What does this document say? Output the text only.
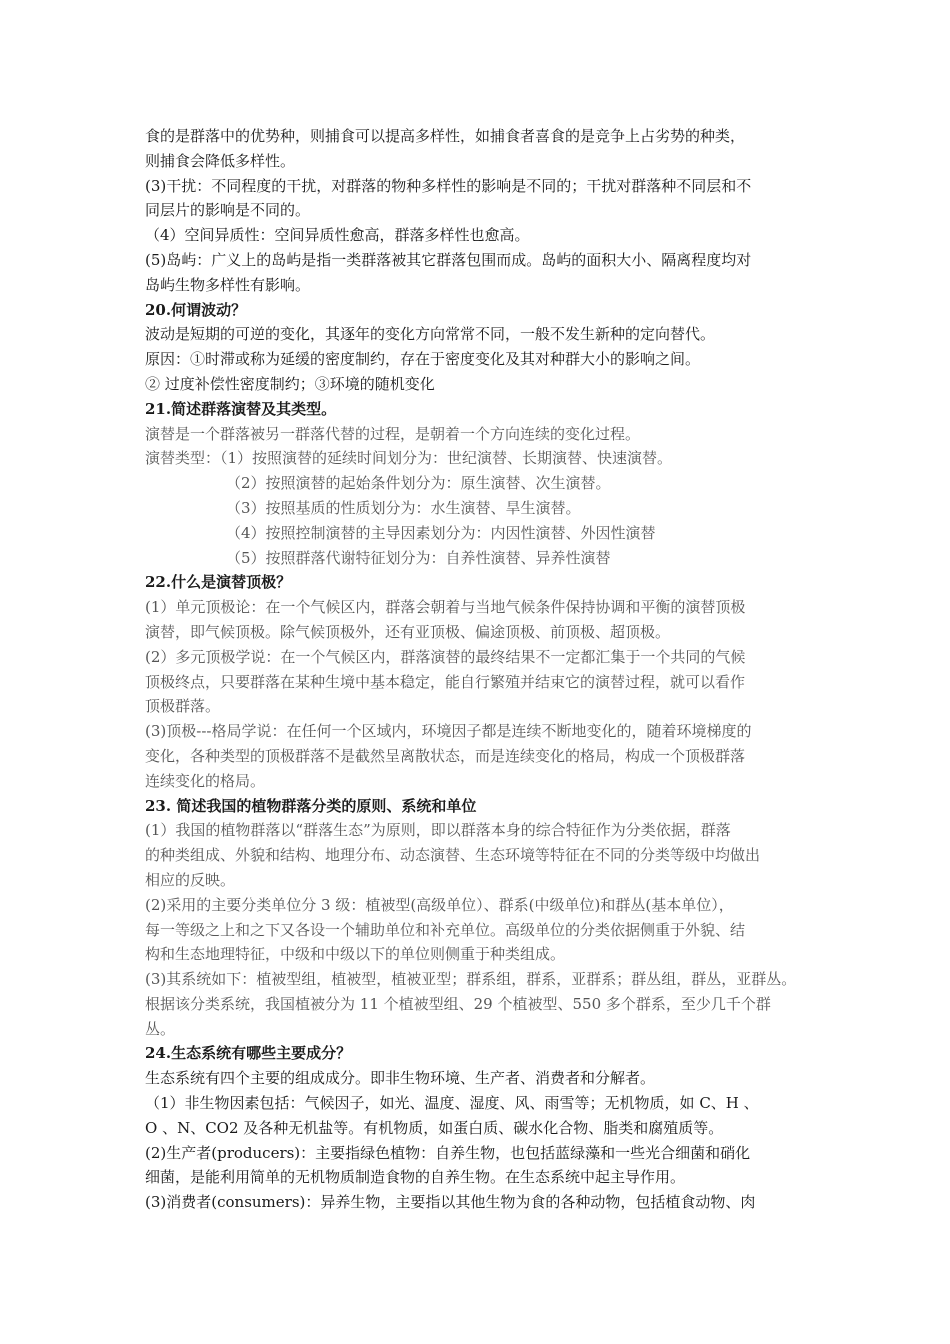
食的是群落中的优势种，则捕食可以提高多样性，如捕食者喜食的是竞争上占劣势的种类，
则捕食会降低多样性。
(3)干扰：不同程度的干扰，对群落的物种多样性的影响是不同的；干扰对群落种不同层和不
同层片的影响是不同的。
（4）空间异质性：空间异质性愈高，群落多样性也愈高。
(5)岛屿：广义上的岛屿是指一类群落被其它群落包围而成。岛屿的面积大小、隔离程度均对
岛屿生物多样性有影响。
20.何谓波动？
波动是短期的可逆的变化，其逐年的变化方向常常不同，一般不发生新种的定向替代。
原因：①时滞或称为延缓的密度制约，存在于密度变化及其对种群大小的影响之间。
② 过度补偿性密度制约；③环境的随机变化
21.简述群落演替及其类型。
演替是一个群落被另一群落代替的过程，是朝着一个方向连续的变化过程。
演替类型：（1）按照演替的延续时间划分为：世纪演替、长期演替、快速演替。
（2）按照演替的起始条件划分为：原生演替、次生演替。
（3）按照基质的性质划分为：水生演替、旱生演替。
（4）按照控制演替的主导因素划分为：内因性演替、外因性演替
（5）按照群落代谢特征划分为：自养性演替、异养性演替
22.什么是演替顶极？
(1）单元顶极论：在一个气候区内，群落会朝着与当地气候条件保持协调和平衡的演替顶极
演替，即气候顶极。除气候顶极外，还有亚顶极、偏途顶极、前顶极、超顶极。
(2）多元顶极学说：在一个气候区内，群落演替的最终结果不一定都汇集于一个共同的气候
顶极终点，只要群落在某种生境中基本稳定，能自行繁殖并结束它的演替过程，就可以看作
顶极群落。
(3)顶极---格局学说：在任何一个区域内，环境因子都是连续不断地变化的，随着环境梯度的
变化，各种类型的顶极群落不是截然呈离散状态，而是连续变化的格局，构成一个顶极群落
连续变化的格局。
23. 简述我国的植物群落分类的原则、系统和单位
(1）我国的植物群落以“群落生态”为原则，即以群落本身的综合特征作为分类依据，群落
的种类组成、外貌和结构、地理分布、动态演替、生态环境等特征在不同的分类等级中均做出
相应的反映。
(2)采用的主要分类单位分 3 级：植被型(高级单位）、群系(中级单位)和群丛(基本单位），
每一等级之上和之下又各设一个辅助单位和补充单位。高级单位的分类依据侧重于外貌、结
构和生态地理特征，中级和中级以下的单位则侧重于种类组成。
(3)其系统如下：植被型组，植被型，植被亚型；群系组，群系，亚群系；群丛组，群丛，亚群丛。
根据该分类系统，我国植被分为 11 个植被型组、29 个植被型、550 多个群系，至少几千个群
丛。
24.生态系统有哪些主要成分？
生态系统有四个主要的组成成分。即非生物环境、生产者、消费者和分解者。
（1）非生物因素包括：气候因子，如光、温度、湿度、风、雨雪等；无机物质，如 C、H 、
O 、N、CO2 及各种无机盐等。有机物质，如蛋白质、碳水化合物、脂类和腐殖质等。
(2)生产者(producers)：主要指绿色植物：自养生物，也包括蓝绿藻和一些光合细菌和硝化
细菌，是能利用简单的无机物质制造食物的自养生物。在生态系统中起主导作用。
(3)消费者(consumers)：异养生物，主要指以其他生物为食的各种动物，包括植食动物、肉
